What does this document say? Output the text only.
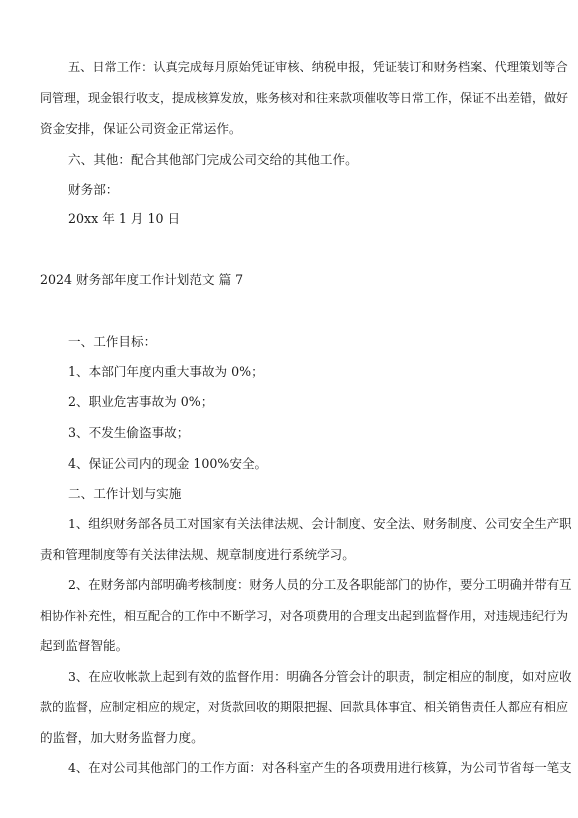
五、日常工作：认真完成每月原始凭证审核、纳税申报，凭证装订和财务档案、代理策划等合
同管理，现金银行收支，提成核算发放，账务核对和往来款项催收等日常工作，保证不出差错，做好
资金安排，保证公司资金正常运作。
六、其他：配合其他部门完成公司交给的其他工作。
财务部：
20xx 年 1 月 10 日
2024 财务部年度工作计划范文 篇 7
一、工作目标：
1、本部门年度内重大事故为 0%；
2、职业危害事故为 0%；
3、不发生偷盗事故；
4、保证公司内的现金 100%安全。
二、工作计划与实施
1、组织财务部各员工对国家有关法律法规、会计制度、安全法、财务制度、公司安全生产职
责和管理制度等有关法律法规、规章制度进行系统学习。
2、在财务部内部明确考核制度：财务人员的分工及各职能部门的协作，要分工明确并带有互
相协作补充性，相互配合的工作中不断学习，对各项费用的合理支出起到监督作用，对违规违纪行为
起到监督智能。
3、在应收帐款上起到有效的监督作用：明确各分管会计的职责，制定相应的制度，如对应收
款的监督，应制定相应的规定，对货款回收的期限把握、回款具体事宜、相关销售责任人都应有相应
的监督，加大财务监督力度。
4、在对公司其他部门的工作方面：对各科室产生的各项费用进行核算，为公司节省每一笔支
